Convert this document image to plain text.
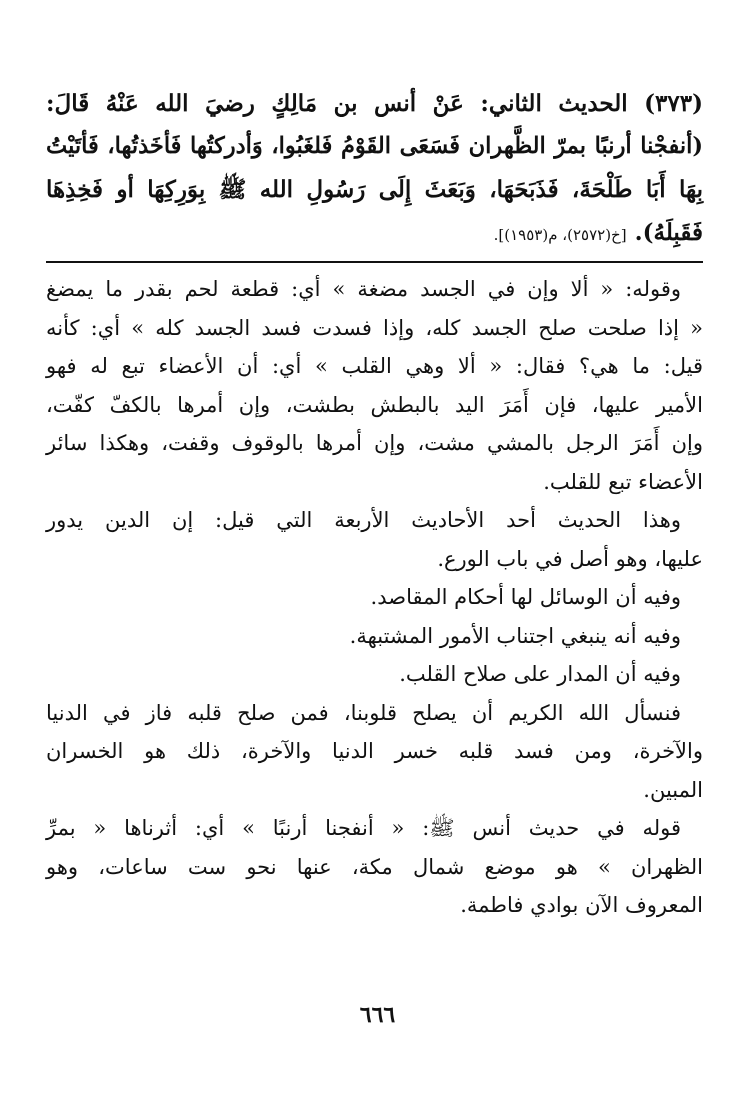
(٣٧٣) الحديث الثاني: عَنْ أنس بن مَالِكٍ رضيَ الله عَنْهُ قَالَ:
(أنفجْنا أرنبًا بمرّ الظَّهران فَسَعَى القَوْمُ فَلغَبُوا، وَأدركتُها فَأخَذتُها، فَأتَيْتُ
بِهَا أَبَا طَلْحَةَ، فَذَبَحَهَا، وَبَعَثَ إِلَى رَسُولِ الله ﷺ بِوَرِكِهَا أو فَخِذِهَا
فَقَبِلَهُ). [خ(٢٥٧٢)، م(١٩٥٣)].
وقوله: « ألا وإن في الجسد مضغة » أي: قطعة لحم بقدر ما يمضغ
« إذا صلحت صلح الجسد كله، وإذا فسدت فسد الجسد كله » أي: كأنه
قيل: ما هي؟ فقال: « ألا وهي القلب » أي: أن الأعضاء تبع له فهو
الأمير عليها، فإن أَمَرَ اليد بالبطش بطشت، وإن أمرها بالكفّ كفّت،
وإن أَمَرَ الرجل بالمشي مشت، وإن أمرها بالوقوف وقفت، وهكذا سائر
الأعضاء تبع للقلب.
وهذا الحديث أحد الأحاديث الأربعة التي قيل: إن الدين يدور
عليها، وهو أصل في باب الورع.
وفيه أن الوسائل لها أحكام المقاصد.
وفيه أنه ينبغي اجتناب الأمور المشتبهة.
وفيه أن المدار على صلاح القلب.
فنسأل الله الكريم أن يصلح قلوبنا، فمن صلح قلبه فاز في الدنيا
والآخرة، ومن فسد قلبه خسر الدنيا والآخرة، ذلك هو الخسران
المبين.
قوله في حديث أنس ﷺ: « أنفجنا أرنبًا » أي: أثرناها « بمرِّ
الظهران » هو موضع شمال مكة، عنها نحو ست ساعات، وهو
المعروف الآن بوادي فاطمة.
٦٦٦
